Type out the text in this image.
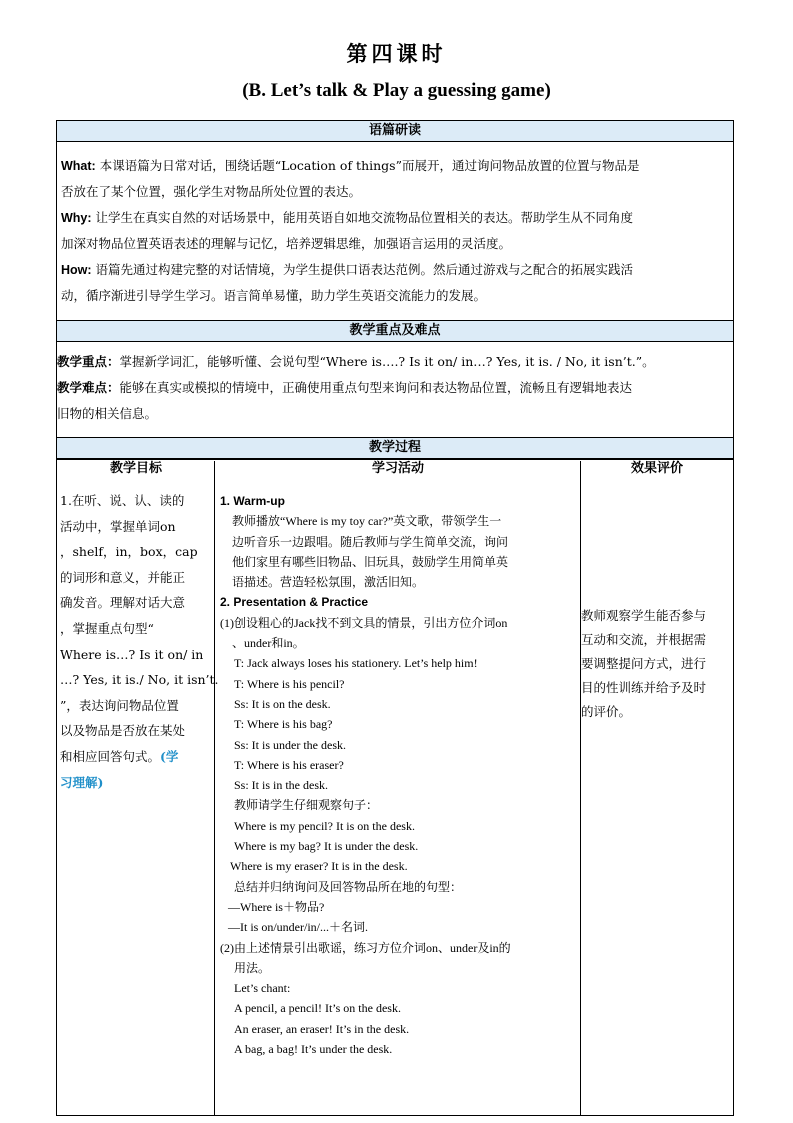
第四课时
(B. Let’s talk & Play a guessing game)
语篇研读
What: 本课语篇为日常对话，围绕话题“Location of things”而展开，通过询问物品放置的位置与物品是
否放在了某个位置，强化学生对物品所处位置的表达。
Why: 让学生在真实自然的对话场景中，能用英语自如地交流物品位置相关的表达。帮助学生从不同角度
加深对物品位置英语表述的理解与记忆，培养逻辑思维，加强语言运用的灵活度。
How: 语篇先通过构建完整的对话情境，为学生提供口语表达范例。然后通过游戏与之配合的拓展实践活
动，循序渐进引导学生学习。语言简单易懂，助力学生英语交流能力的发展。
教学重点及难点
教学重点：掌握新学词汇，能够听懂、会说句型“Where is….? Is it on/ in…? Yes, it is. / No, it isn’t.”。
教学难点：能够在真实或模拟的情境中，正确使用重点句型来询问和表达物品位置，流畅且有逻辑地表达
旧物的相关信息。
教学过程
教学目标	学习活动	效果评价
1.在听、说、认、读的
活动中，掌握单词on
，shelf，in，box，cap
的词形和意义，并能正
确发音。理解对话大意
，掌握重点句型“
Where is…? Is it on/ in
…? Yes, it is./ No, it isn’t.
”，表达询问物品位置
以及物品是否放在某处
和相应回答句式。(学
习理解)
1. Warm-up
教师播放“Where is my toy car?”英文歌，带领学生一
边听音乐一边跟唱。随后教师与学生简单交流，询问
他们家里有哪些旧物品、旧玩具，鼓励学生用简单英
语描述。营造轻松氛围，激活旧知。
2. Presentation & Practice
(1)创设粗心的Jack找不到文具的情景，引出方位介词on
、under和in。
T: Jack always loses his stationery. Let’s help him!
T: Where is his pencil?
Ss: It is on the desk.
T: Where is his bag?
Ss: It is under the desk.
T: Where is his eraser?
Ss: It is in the desk.
教师请学生仔细观察句子：
Where is my pencil? It is on the desk.
Where is my bag? It is under the desk.
Where is my eraser? It is in the desk.
总结并归纳询问及回答物品所在地的句型：
—Where is＋物品?
—It is on/under/in/...＋名词.
(2)由上述情景引出歌谣，练习方位介词on、under及in的
用法。
Let’s chant:
A pencil, a pencil! It’s on the desk.
An eraser, an eraser! It’s in the desk.
A bag, a bag! It’s under the desk.
教师观察学生能否参与
互动和交流，并根据需
要调整提问方式，进行
目的性训练并给予及时
的评价。
